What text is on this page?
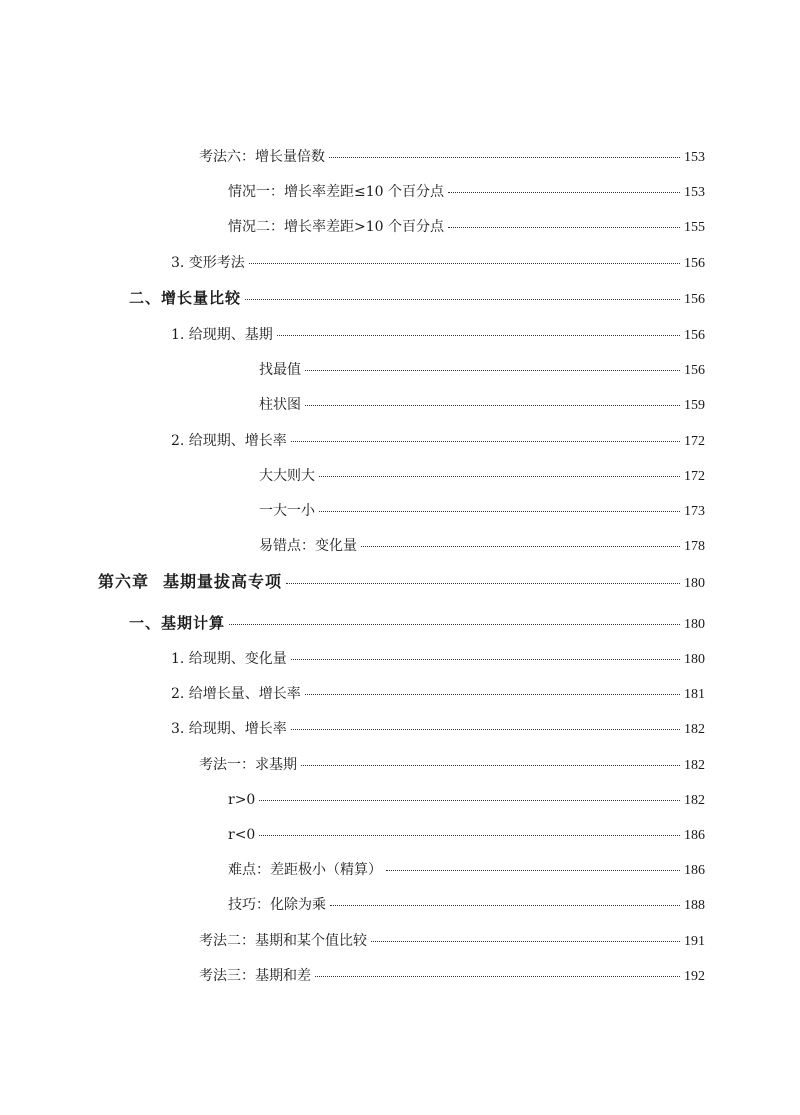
考法六：增长量倍数	153
情况一：增长率差距≤10 个百分点	153
情况二：增长率差距>10 个百分点	155
3. 变形考法	156
二、增长量比较	156
1. 给现期、基期	156
找最值	156
柱状图	159
2. 给现期、增长率	172
大大则大	172
一大一小	173
易错点：变化量	178
第六章 基期量拔高专项	180
一、基期计算	180
1. 给现期、变化量	180
2. 给增长量、增长率	181
3. 给现期、增长率	182
考法一：求基期	182
r>0	182
r<0	186
难点：差距极小（精算）	186
技巧：化除为乘	188
考法二：基期和某个值比较	191
考法三：基期和差	192
